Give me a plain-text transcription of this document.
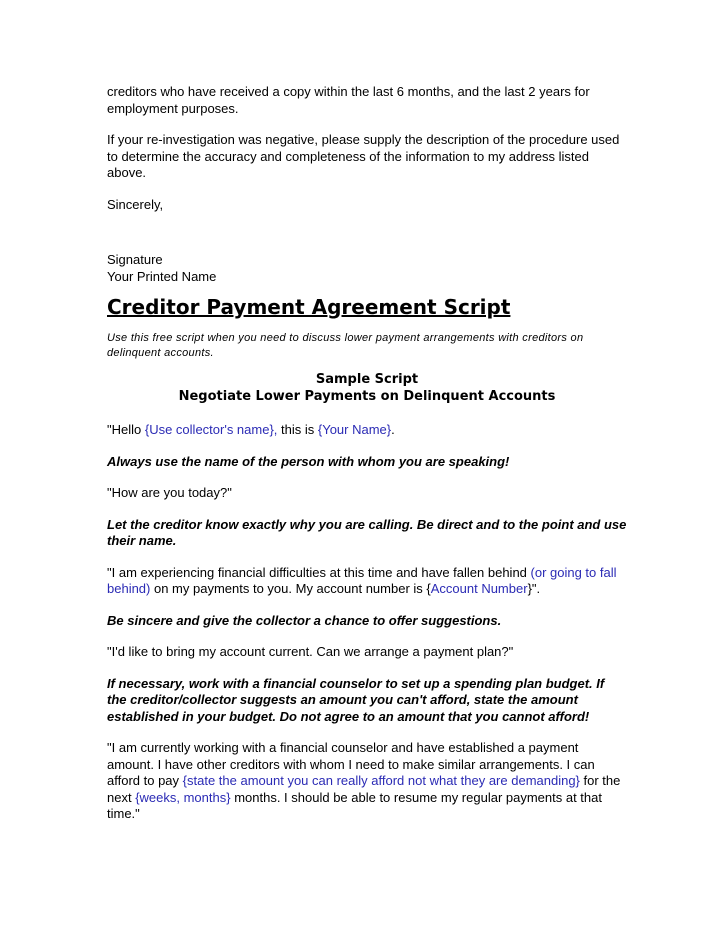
creditors who have received a copy within the last 6 months, and the last 2 years for employment purposes.

If your re-investigation was negative, please supply the description of the procedure used to determine the accuracy and completeness of the information to my address listed above.

Sincerely,

Signature

Your Printed Name

Creditor Payment Agreement Script

Use this free script when you need to discuss lower payment arrangements with creditors on delinquent accounts.

Sample Script
Negotiate Lower Payments on Delinquent Accounts

"Hello {Use collector's name}, this is {Your Name}.

Always use the name of the person with whom you are speaking!

"How are you today?"

Let the creditor know exactly why you are calling. Be direct and to the point and use their name.

"I am experiencing financial difficulties at this time and have fallen behind (or going to fall behind) on my payments to you. My account number is {Account Number}".

Be sincere and give the collector a chance to offer suggestions.

"I'd like to bring my account current. Can we arrange a payment plan?"

If necessary, work with a financial counselor to set up a spending plan budget. If the creditor/collector suggests an amount you can't afford, state the amount established in your budget. Do not agree to an amount that you cannot afford!

"I am currently working with a financial counselor and have established a payment amount. I have other creditors with whom I need to make similar arrangements. I can afford to pay {state the amount you can really afford not what they are demanding} for the next {weeks, months} months. I should be able to resume my regular payments at that time."
